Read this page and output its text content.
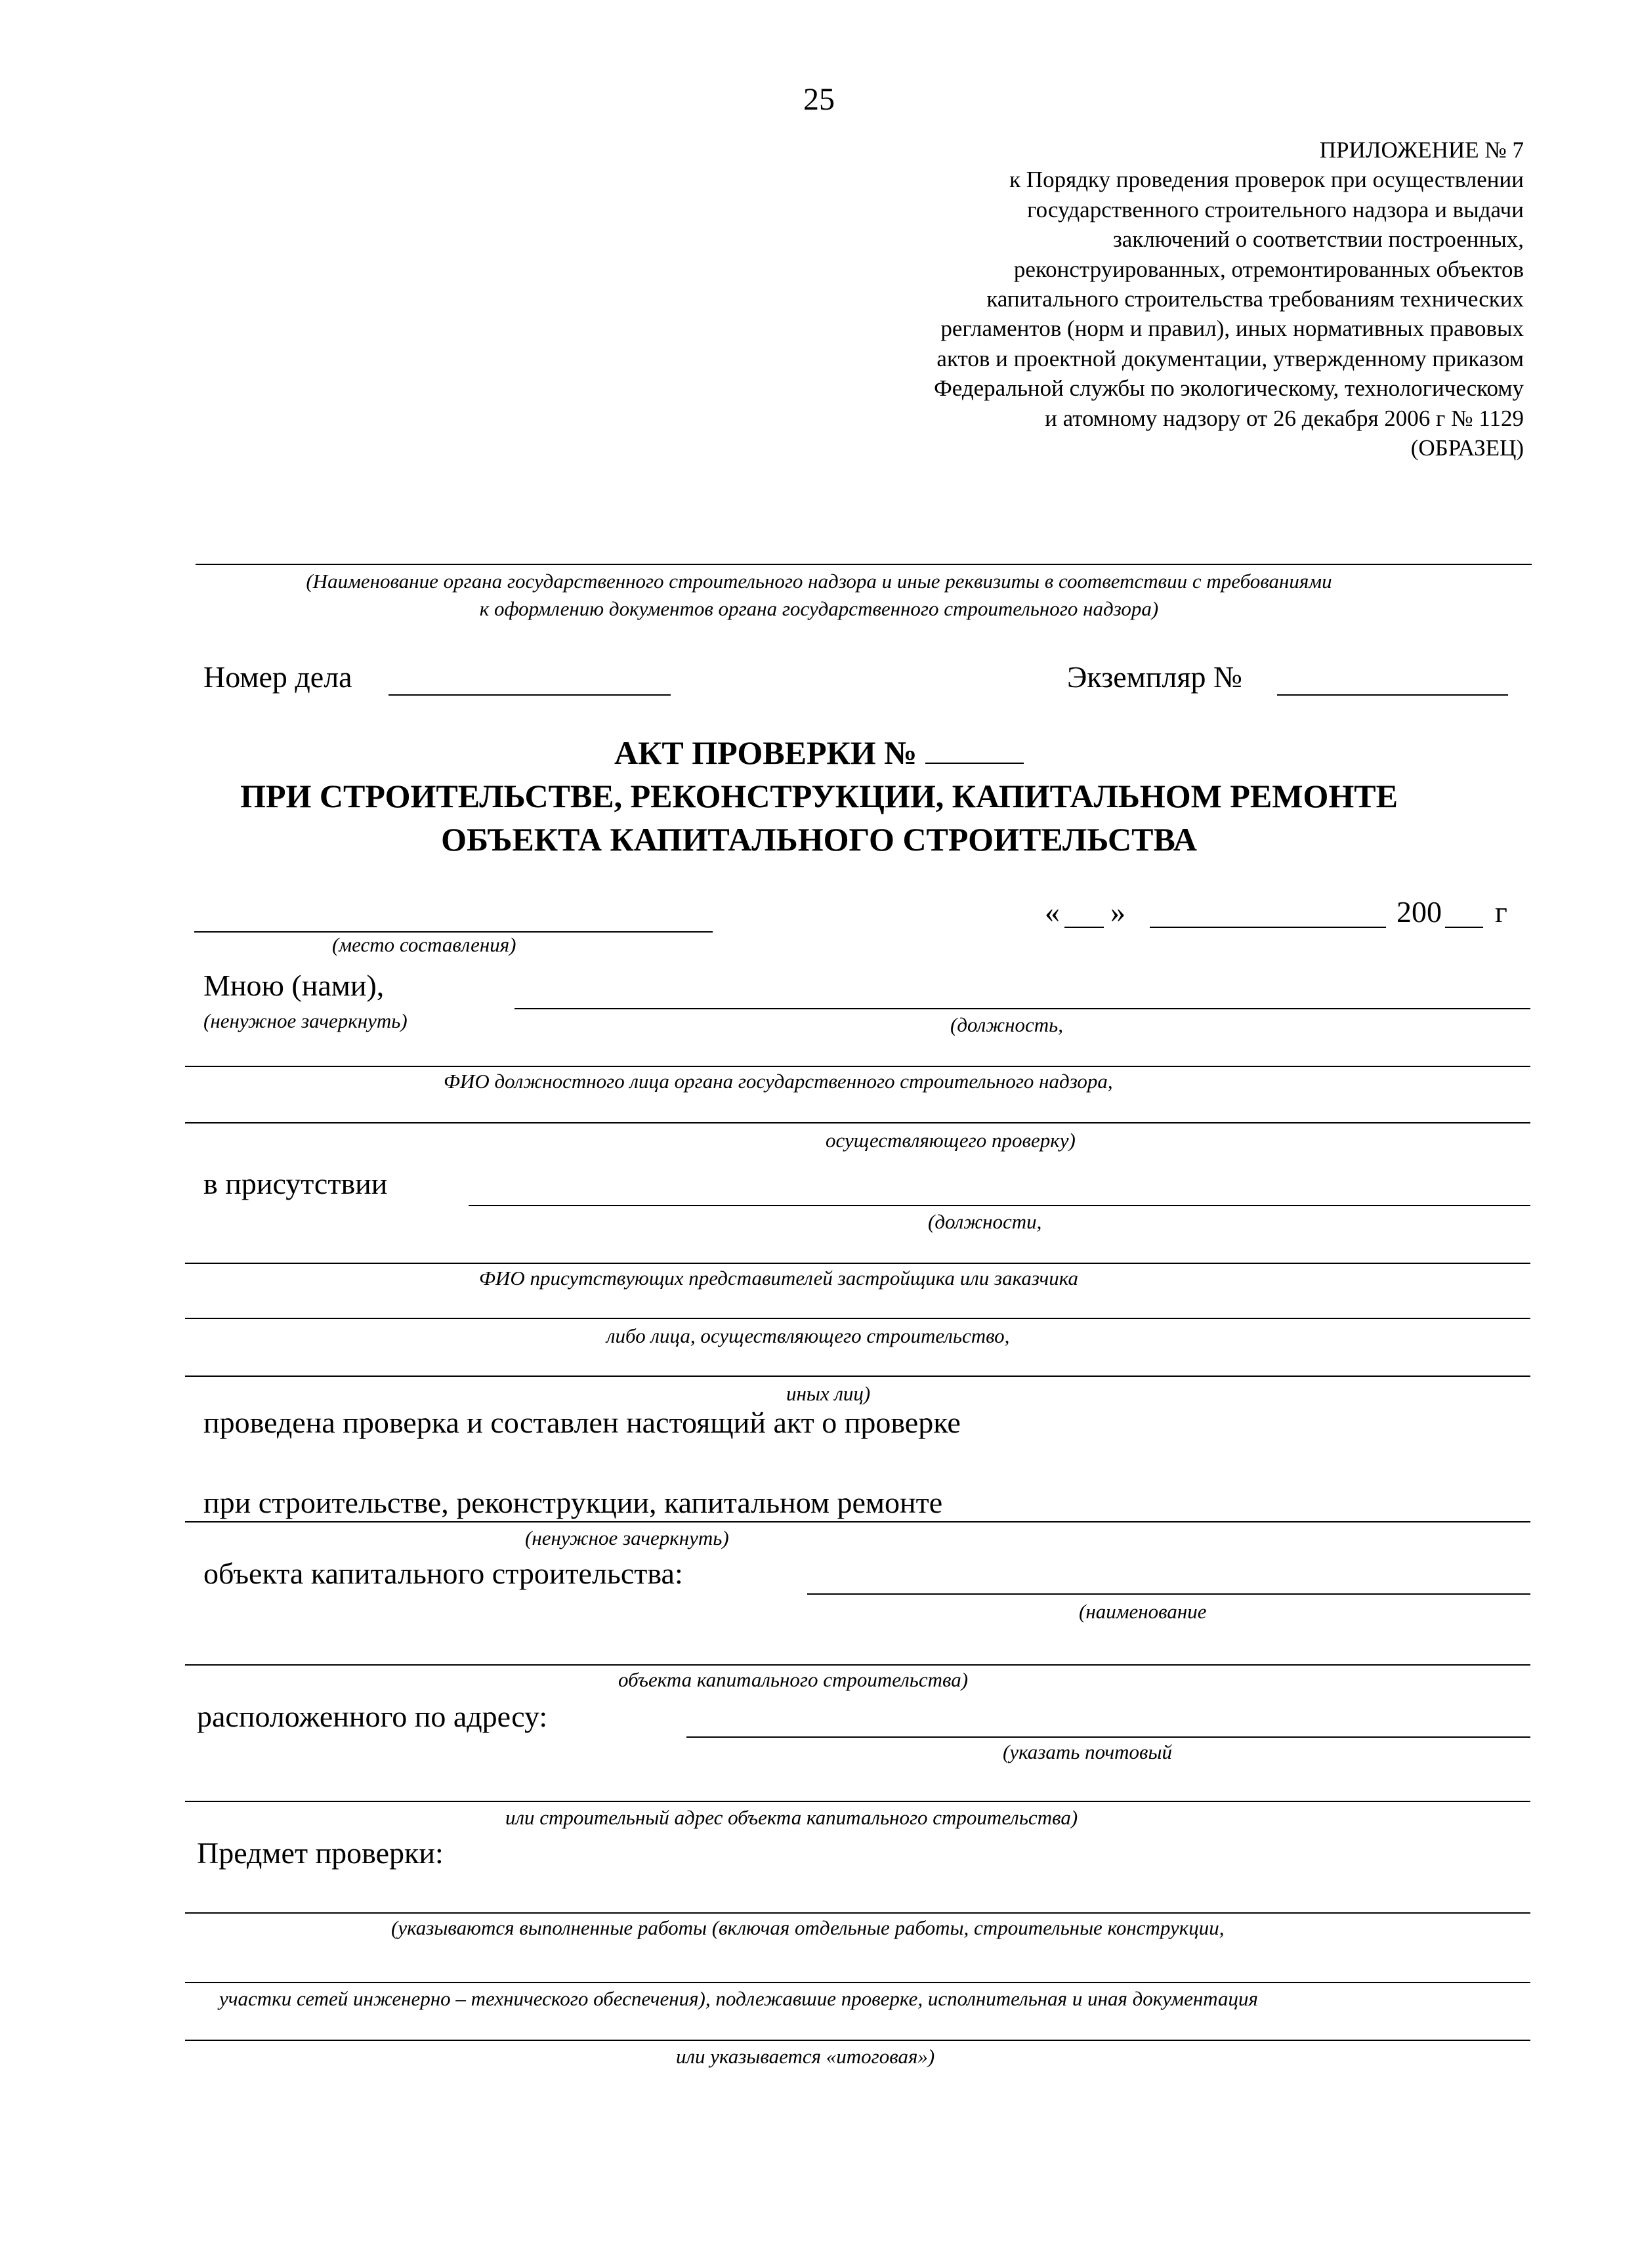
25
ПРИЛОЖЕНИЕ № 7
к Порядку проведения проверок при осуществлении
государственного строительного надзора и выдачи
заключений о соответствии построенных,
реконструированных, отремонтированных объектов
капитального строительства требованиям технических
регламентов (норм и правил), иных нормативных правовых
актов и проектной документации, утвержденному приказом
Федеральной службы по экологическому, технологическому
и атомному надзору от 26 декабря 2006 г № 1129
(ОБРАЗЕЦ)
(Наименование органа государственного строительного надзора и иные реквизиты в соответствии с требованиями
к оформлению документов органа государственного строительного надзора)
Номер дела	Экземпляр №
АКТ ПРОВЕРКИ №
ПРИ СТРОИТЕЛЬСТВЕ, РЕКОНСТРУКЦИИ, КАПИТАЛЬНОМ РЕМОНТЕ
ОБЪЕКТА КАПИТАЛЬНОГО СТРОИТЕЛЬСТВА
(место составления)
« »	200 г
Мною (нами),
(ненужное зачеркнуть)	(должность,
ФИО должностного лица органа государственного строительного надзора,
осуществляющего проверку)
в присутствии
(должности,
ФИО присутствующих представителей застройщика или заказчика
либо лица, осуществляющего строительство,
иных лиц)
проведена проверка и составлен настоящий акт о проверке
при строительстве, реконструкции, капитальном ремонте
(ненужное зачеркнуть)
объекта капитального строительства:
(наименование
объекта капитального строительства)
расположенного по адресу:
(указать почтовый
или строительный адрес объекта капитального строительства)
Предмет проверки:
(указываются выполненные работы (включая отдельные работы, строительные конструкции,
участки сетей инженерно – технического обеспечения), подлежавшие проверке, исполнительная и иная документация
или указывается «итоговая»)
